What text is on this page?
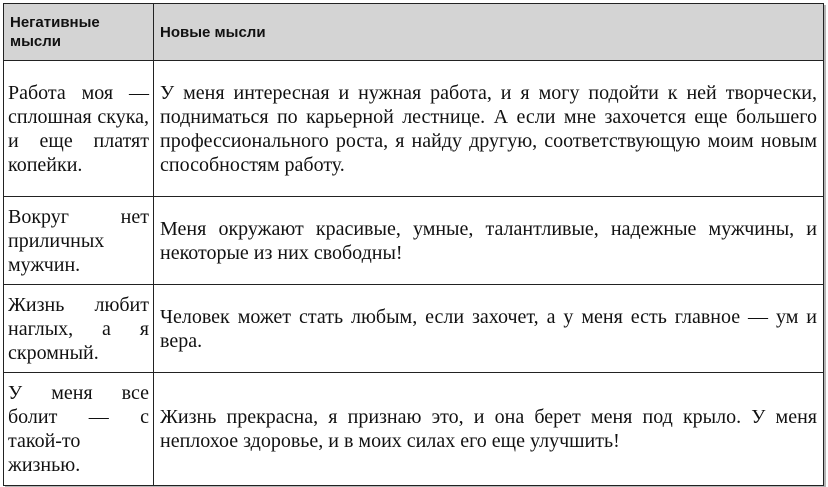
Негативные мысли	Новые мысли
Работа моя — сплошная скука, и еще платят копейки.	У меня интересная и нужная работа, и я могу подойти к ней творчески, подниматься по карьерной лестнице. А если мне захочется еще большего профессионального роста, я найду другую, соответствующую моим новым способностям работу.
Вокруг нет приличных мужчин.	Меня окружают красивые, умные, талантливые, надежные мужчины, и некоторые из них свободны!
Жизнь любит наглых, а я скромный.	Человек может стать любым, если захочет, а у меня есть главное — ум и вера.
У меня все болит — с такой-то жизнью.	Жизнь прекрасна, я признаю это, и она берет меня под крыло. У меня неплохое здоровье, и в моих силах его еще улучшить!
